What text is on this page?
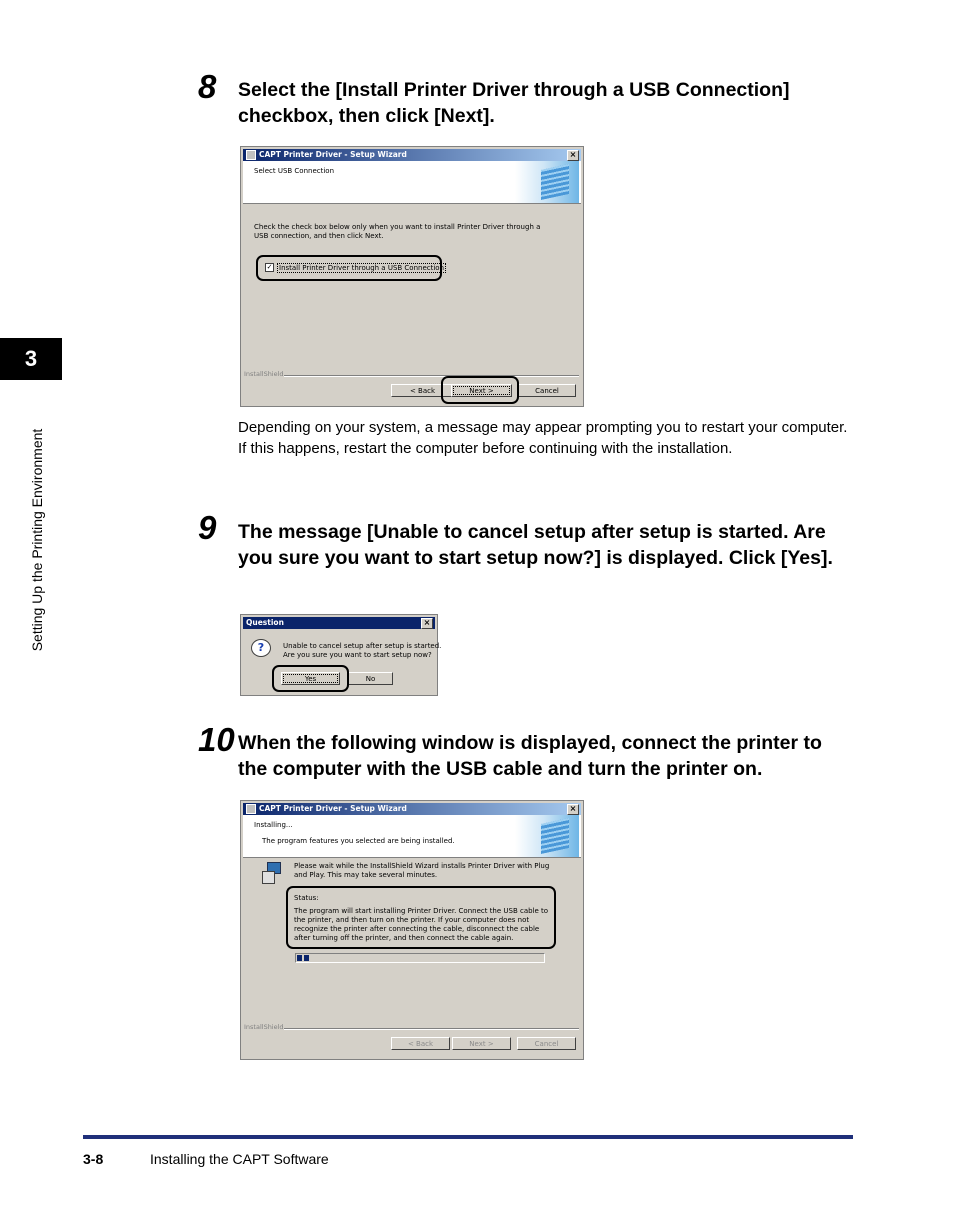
3
Setting Up the Printing Environment
8 Select the [Install Printer Driver through a USB Connection] checkbox, then click [Next].
CAPT Printer Driver - Setup Wizard	×
Select USB Connection
Check the check box below only when you want to install Printer Driver through a USB connection, and then click Next.
✓ Install Printer Driver through a USB Connection
InstallShield
< Back	Next >	Cancel
Depending on your system, a message may appear prompting you to restart your computer. If this happens, restart the computer before continuing with the installation.
9 The message [Unable to cancel setup after setup is started. Are you sure you want to start setup now?] is displayed. Click [Yes].
Question	×
?	Unable to cancel setup after setup is started.
Are you sure you want to start setup now?
Yes	No
10 When the following window is displayed, connect the printer to the computer with the USB cable and turn the printer on.
CAPT Printer Driver - Setup Wizard	×
Installing...
The program features you selected are being installed.
Please wait while the InstallShield Wizard installs Printer Driver with Plug and Play. This may take several minutes.
Status:
The program will start installing Printer Driver. Connect the USB cable to the printer, and then turn on the printer. If your computer does not recognize the printer after connecting the cable, disconnect the cable after turning off the printer, and then connect the cable again.
InstallShield
< Back	Next >	Cancel
3-8	Installing the CAPT Software
